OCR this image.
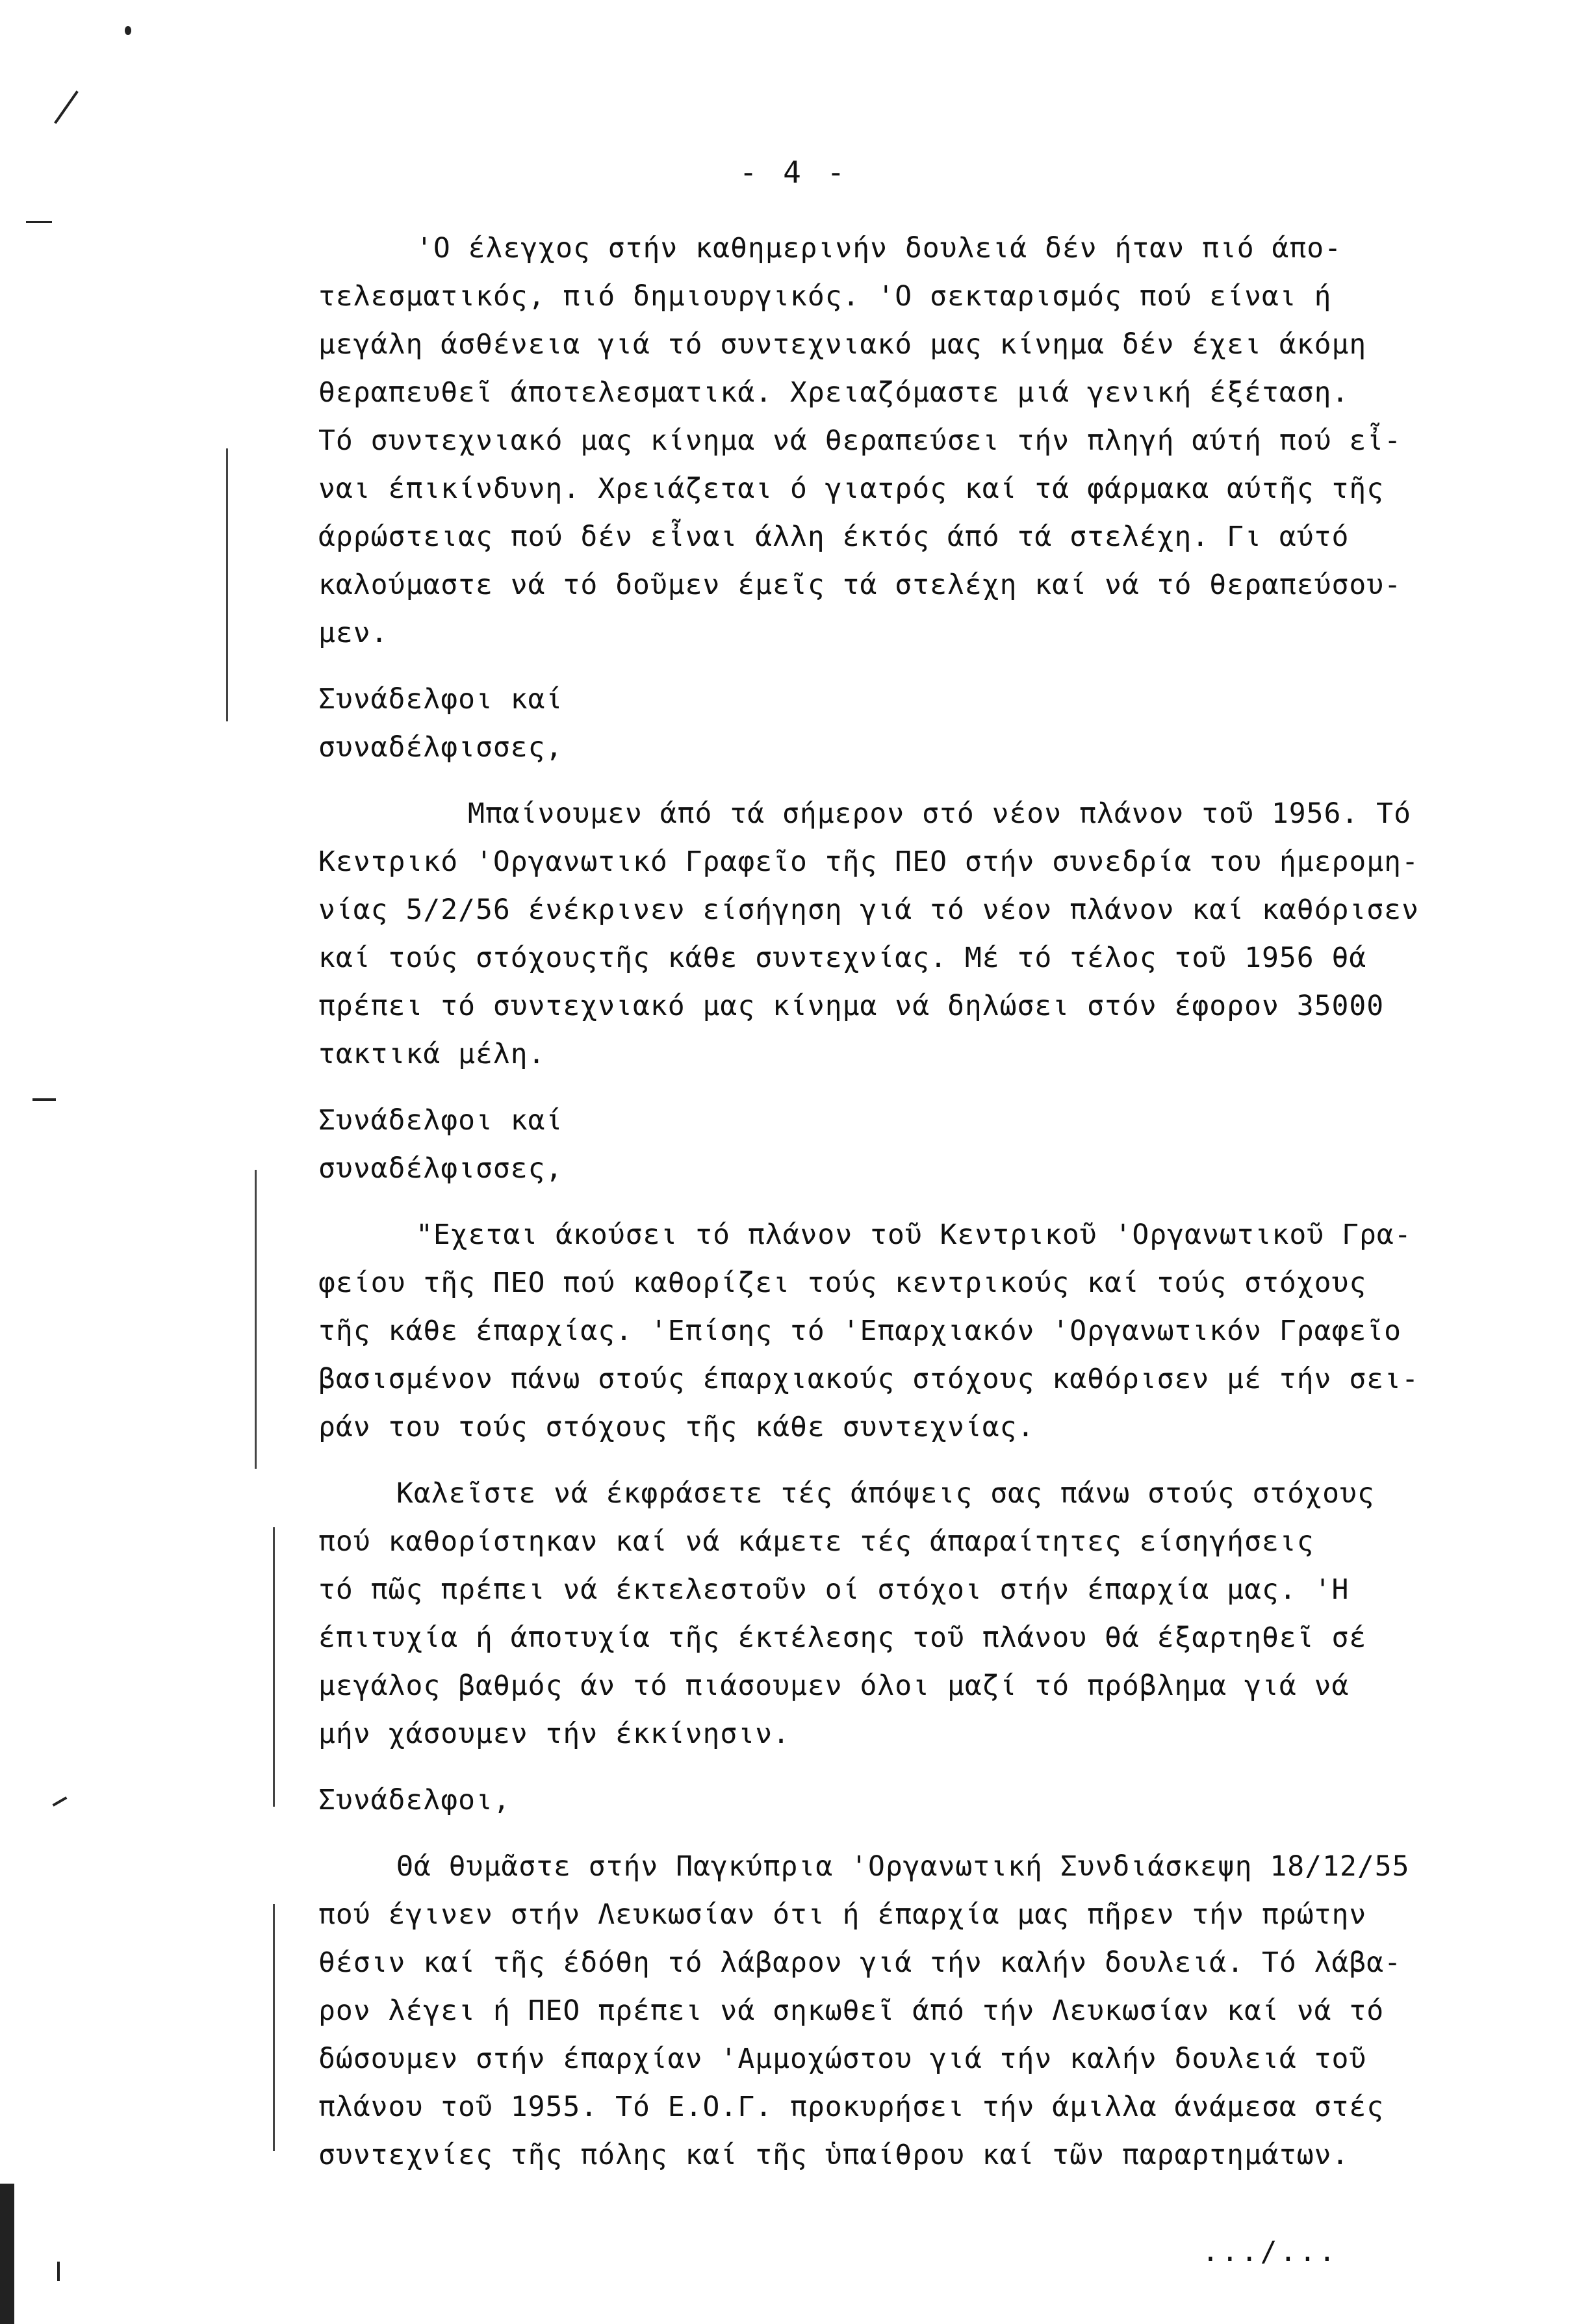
- 4 -
'Ο έλεγχος στήν καθημερινήν δουλειά δέν ήταν πιό άπο-
τελεσματικός, πιό δημιουργικός. 'Ο σεκταρισμός πού είναι ή
μεγάλη άσθένεια γιά τό συντεχνιακό μας κίνημα δέν έχει άκόμη
θεραπευθεῖ άποτελεσματικά. Χρειαζόμαστε μιά γενική έξέταση.
Τό συντεχνιακό μας κίνημα νά θεραπεύσει τήν πληγή αύτή πού εἶ-
ναι έπικίνδυνη. Χρειάζεται ό γιατρός καί τά φάρμακα αύτῆς τῆς
άρρώστειας πού δέν εἶναι άλλη έκτός άπό τά στελέχη. Γι αύτό
καλούμαστε νά τό δοῦμεν έμεῖς τά στελέχη καί νά τό θεραπεύσου-
μεν.
Συνάδελφοι καί
συναδέλφισσες,
Μπαίνουμεν άπό τά σήμερον στό νέον πλάνον τοῦ 1956. Τό
Κεντρικό 'Οργανωτικό Γραφεῖο τῆς ΠΕΟ στήν συνεδρία του ήμερομη-
νίας 5/2/56 ένέκρινεν είσήγηση γιά τό νέον πλάνον καί καθόρισεν
καί τούς στόχουςτῆς κάθε συντεχνίας. Μέ τό τέλος τοῦ 1956 θά
πρέπει τό συντεχνιακό μας κίνημα νά δηλώσει στόν έφορον 35000
τακτικά μέλη.
Συνάδελφοι καί
συναδέλφισσες,
"Εχεται άκούσει τό πλάνον τοῦ Κεντρικοῦ 'Οργανωτικοῦ Γρα-
φείου τῆς ΠΕΟ πού καθορίζει τούς κεντρικούς καί τούς στόχους
τῆς κάθε έπαρχίας. 'Επίσης τό 'Επαρχιακόν 'Οργανωτικόν Γραφεῖο
βασισμένον πάνω στούς έπαρχιακούς στόχους καθόρισεν μέ τήν σει-
ράν του τούς στόχους τῆς κάθε συντεχνίας.
Καλεῖστε νά έκφράσετε τές άπόψεις σας πάνω στούς στόχους
πού καθορίστηκαν καί νά κάμετε τές άπαραίτητες είσηγήσεις
τό πῶς πρέπει νά έκτελεστοῦν οί στόχοι στήν έπαρχία μας. 'Η
έπιτυχία ή άποτυχία τῆς έκτέλεσης τοῦ πλάνου θά έξαρτηθεῖ σέ
μεγάλος βαθμός άν τό πιάσουμεν όλοι μαζί τό πρόβλημα γιά νά
μήν χάσουμεν τήν έκκίνησιν.
Συνάδελφοι,
Θά θυμᾶστε στήν Παγκύπρια 'Οργανωτική Συνδιάσκεψη 18/12/55
πού έγινεν στήν Λευκωσίαν ότι ή έπαρχία μας πῆρεν τήν πρώτην
θέσιν καί τῆς έδόθη τό λάβαρον γιά τήν καλήν δουλειά. Τό λάβα-
ρον λέγει ή ΠΕΟ πρέπει νά σηκωθεῖ άπό τήν Λευκωσίαν καί νά τό
δώσουμεν στήν έπαρχίαν 'Αμμοχώστου γιά τήν καλήν δουλειά τοῦ
πλάνου τοῦ 1955. Τό Ε.Ο.Γ. προκυρήσει τήν άμιλλα άνάμεσα στές
συντεχνίες τῆς πόλης καί τῆς ὑπαίθρου καί τῶν παραρτημάτων.
.../...
